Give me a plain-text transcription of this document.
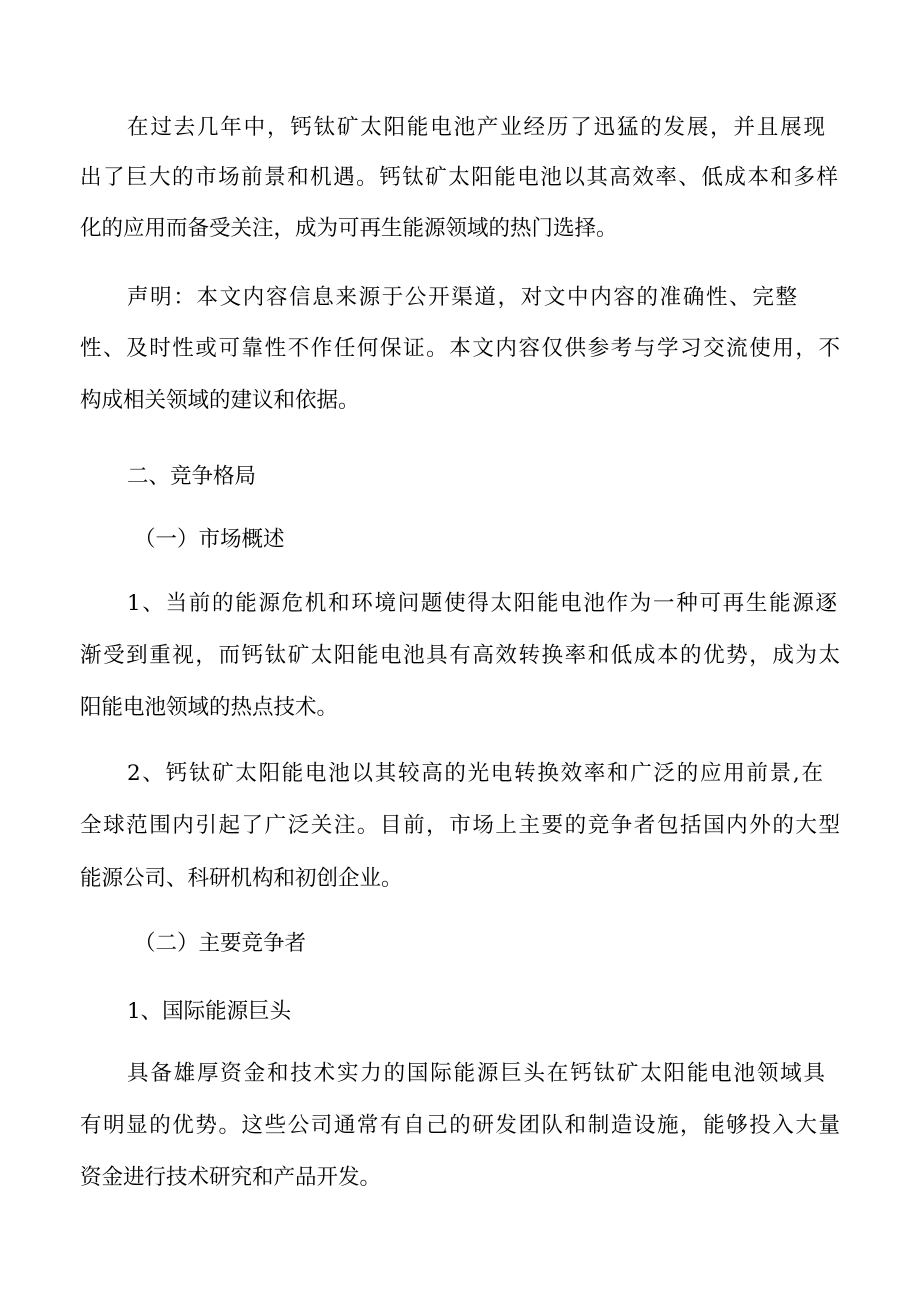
在过去几年中，钙钛矿太阳能电池产业经历了迅猛的发展，并且展现
出了巨大的市场前景和机遇。钙钛矿太阳能电池以其高效率、低成本和多样
化的应用而备受关注，成为可再生能源领域的热门选择。
声明：本文内容信息来源于公开渠道，对文中内容的准确性、完整
性、及时性或可靠性不作任何保证。本文内容仅供参考与学习交流使用，不
构成相关领域的建议和依据。
二、竞争格局
（一）市场概述
1、当前的能源危机和环境问题使得太阳能电池作为一种可再生能源逐
渐受到重视，而钙钛矿太阳能电池具有高效转换率和低成本的优势，成为太
阳能电池领域的热点技术。
2、钙钛矿太阳能电池以其较高的光电转换效率和广泛的应用前景,在
全球范围内引起了广泛关注。目前，市场上主要的竞争者包括国内外的大型
能源公司、科研机构和初创企业。
（二）主要竞争者
1、国际能源巨头
具备雄厚资金和技术实力的国际能源巨头在钙钛矿太阳能电池领域具
有明显的优势。这些公司通常有自己的研发团队和制造设施，能够投入大量
资金进行技术研究和产品开发。
